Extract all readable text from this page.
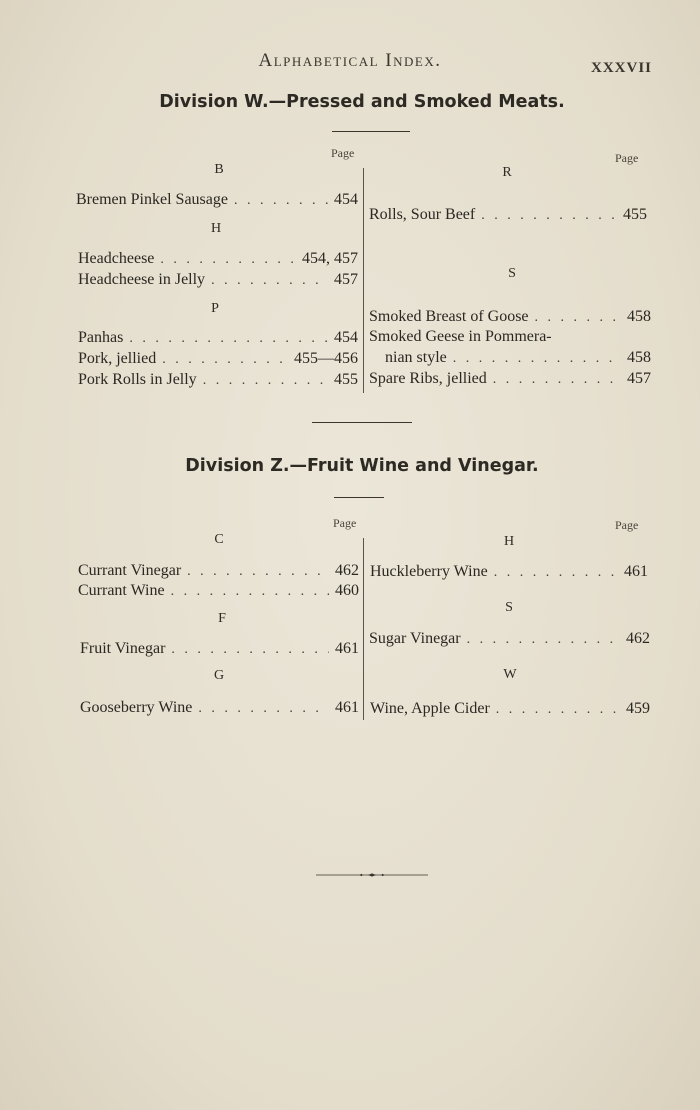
Alphabetical Index.	XXXVII
Division W.—Pressed and Smoked Meats.
Page	Page
B
Bremen Pinkel Sausage . . .	454
H
Headcheese . . .	454, 457
Headcheese in Jelly . . .	457
P
Panhas . . .	454
Pork, jellied . . .	455—456
Pork Rolls in Jelly . . .	455
R
Rolls, Sour Beef . . .	455
S
Smoked Breast of Goose . . .	458
Smoked Geese in Pommera-
nian style . . .	458
Spare Ribs, jellied . . .	457
Division Z.—Fruit Wine and Vinegar.
Page	Page
C
Currant Vinegar . . .	462
Currant Wine . . .	460
F
Fruit Vinegar . . .	461
G
Gooseberry Wine . . .	461
H
Huckleberry Wine . . .	461
S
Sugar Vinegar . . .	462
W
Wine, Apple Cider . . .	459
